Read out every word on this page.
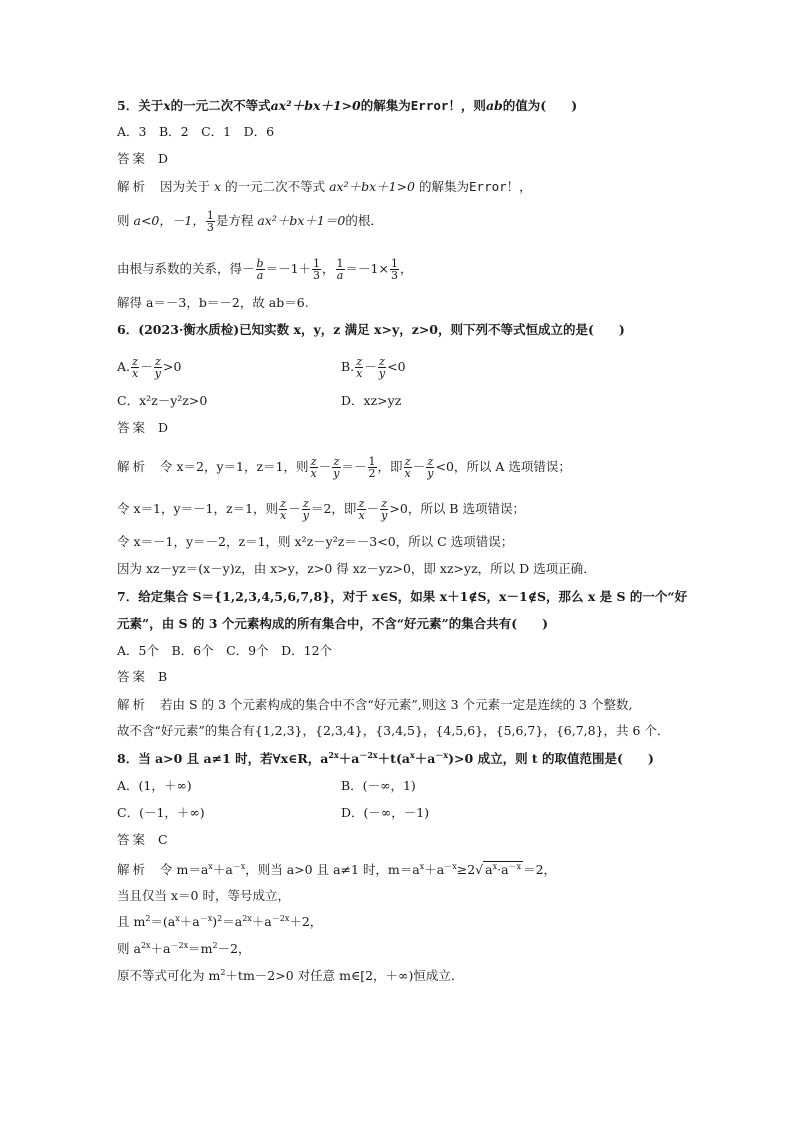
5．关于x的一元二次不等式ax²＋bx＋1>0的解集为Error！，则ab的值为(　　)
A．3　B．2　C．1　D．6
答案 D
解析 因为关于 x 的一元二次不等式 ax²＋bx＋1>0 的解集为Error！，
则 a<0，－1， $\frac{1}{3}$ 是方程 ax²＋bx＋1＝0的根．
由根与系数的关系，得－ $\frac{b}{a} =-1+ \frac{1}{3}$ ， $\frac{1}{a} =-1\times \frac{1}{3}$ ，
解得 a＝－3，b＝－2，故 ab＝6.
6．(2023·衡水质检)已知实数 x，y，z 满足 x>y，z>0，则下列不等式恒成立的是(　　)
A. $\frac{z}{x} - \frac{z}{y} >0$	B. $\frac{z}{x} - \frac{z}{y} <0$
C．x²z－y²z>0	D．xz>yz
答案 D
解析 令 x＝2，y＝1，z＝1，则 $\frac{z}{x} - \frac{z}{y} =- \frac{1}{2}$ ，即 $\frac{z}{x} - \frac{z}{y} <0$，所以 A 选项错误；
令 x＝1，y＝－1，z＝1，则 $\frac{z}{x} - \frac{z}{y} =2$，即 $\frac{z}{x} - \frac{z}{y} >0$，所以 B 选项错误；
令 x＝－1，y＝－2，z＝1，则 x²z－y²z＝－3<0，所以 C 选项错误；
因为 xz－yz＝(x－y)z，由 x>y，z>0 得 xz－yz>0，即 xz>yz，所以 D 选项正确．
7．给定集合 S＝{1,2,3,4,5,6,7,8}，对于 x∈S，如果 x＋1∉S，x－1∉S，那么 x 是 S 的一个“好
元素”，由 S 的 3 个元素构成的所有集合中，不含“好元素”的集合共有(　　)
A．5个　B．6个　C．9个　D．12个
答案 B
解析 若由 S 的 3 个元素构成的集合中不含“好元素”,则这 3 个元素一定是连续的 3 个整数,
故不含“好元素”的集合有{1,2,3}，{2,3,4}，{3,4,5}，{4,5,6}，{5,6,7}，{6,7,8}，共 6 个．
8．当 a>0 且 a≠1 时，若∀x∈R，$a^{2x}+a^{-2x}+t(a^x+a^{-x})>0$ 成立，则 t 的取值范围是(　　)
A．(1，＋∞)	B．(－∞，1)
C．(－1，＋∞)	D．(－∞，－1)
答案 C
解析 令 $m=a^x+a^{-x}$，则当 a>0 且 a≠1 时，$m=a^x+a^{-x}\ge 2√$ $a^x\cdot a^{-x} =2$，
当且仅当 x＝0 时，等号成立，
且 $m^2=(a^x+a^{-x})^2=a^{2x}+a^{-2x}+2$，
则 $a^{2x}+a^{-2x}=m^2-2$，
原不等式可化为 $m^2+tm-2>0$ 对任意 m∈[2，＋∞)恒成立．
